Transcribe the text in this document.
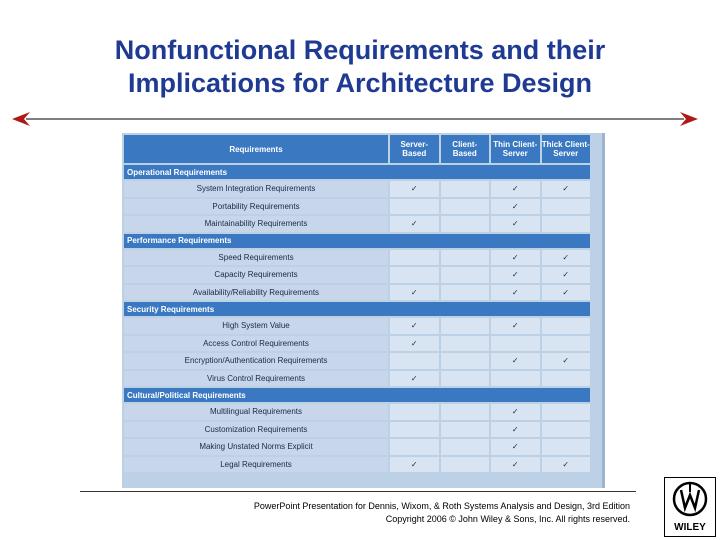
Nonfunctional Requirements and their
Implications for Architecture Design
Requirements	Server-Based	Client-Based	Thin Client-Server	Thick Client-Server
Operational Requirements				
System Integration Requirements	✓		✓	✓
Portability Requirements			✓	
Maintainability Requirements	✓		✓	
Performance Requirements				
Speed Requirements			✓	✓
Capacity Requirements			✓	✓
Availability/Reliability Requirements	✓		✓	✓
Security Requirements				
High System Value	✓		✓	
Access Control Requirements	✓			
Encryption/Authentication Requirements			✓	✓
Virus Control Requirements	✓			
Cultural/Political Requirements				
Multilingual Requirements			✓	
Customization Requirements			✓	
Making Unstated Norms Explicit			✓	
Legal Requirements	✓		✓	✓
PowerPoint Presentation for Dennis, Wixom, & Roth Systems Analysis and Design, 3rd Edition
Copyright 2006 © John Wiley & Sons, Inc. All rights reserved.
WILEY
